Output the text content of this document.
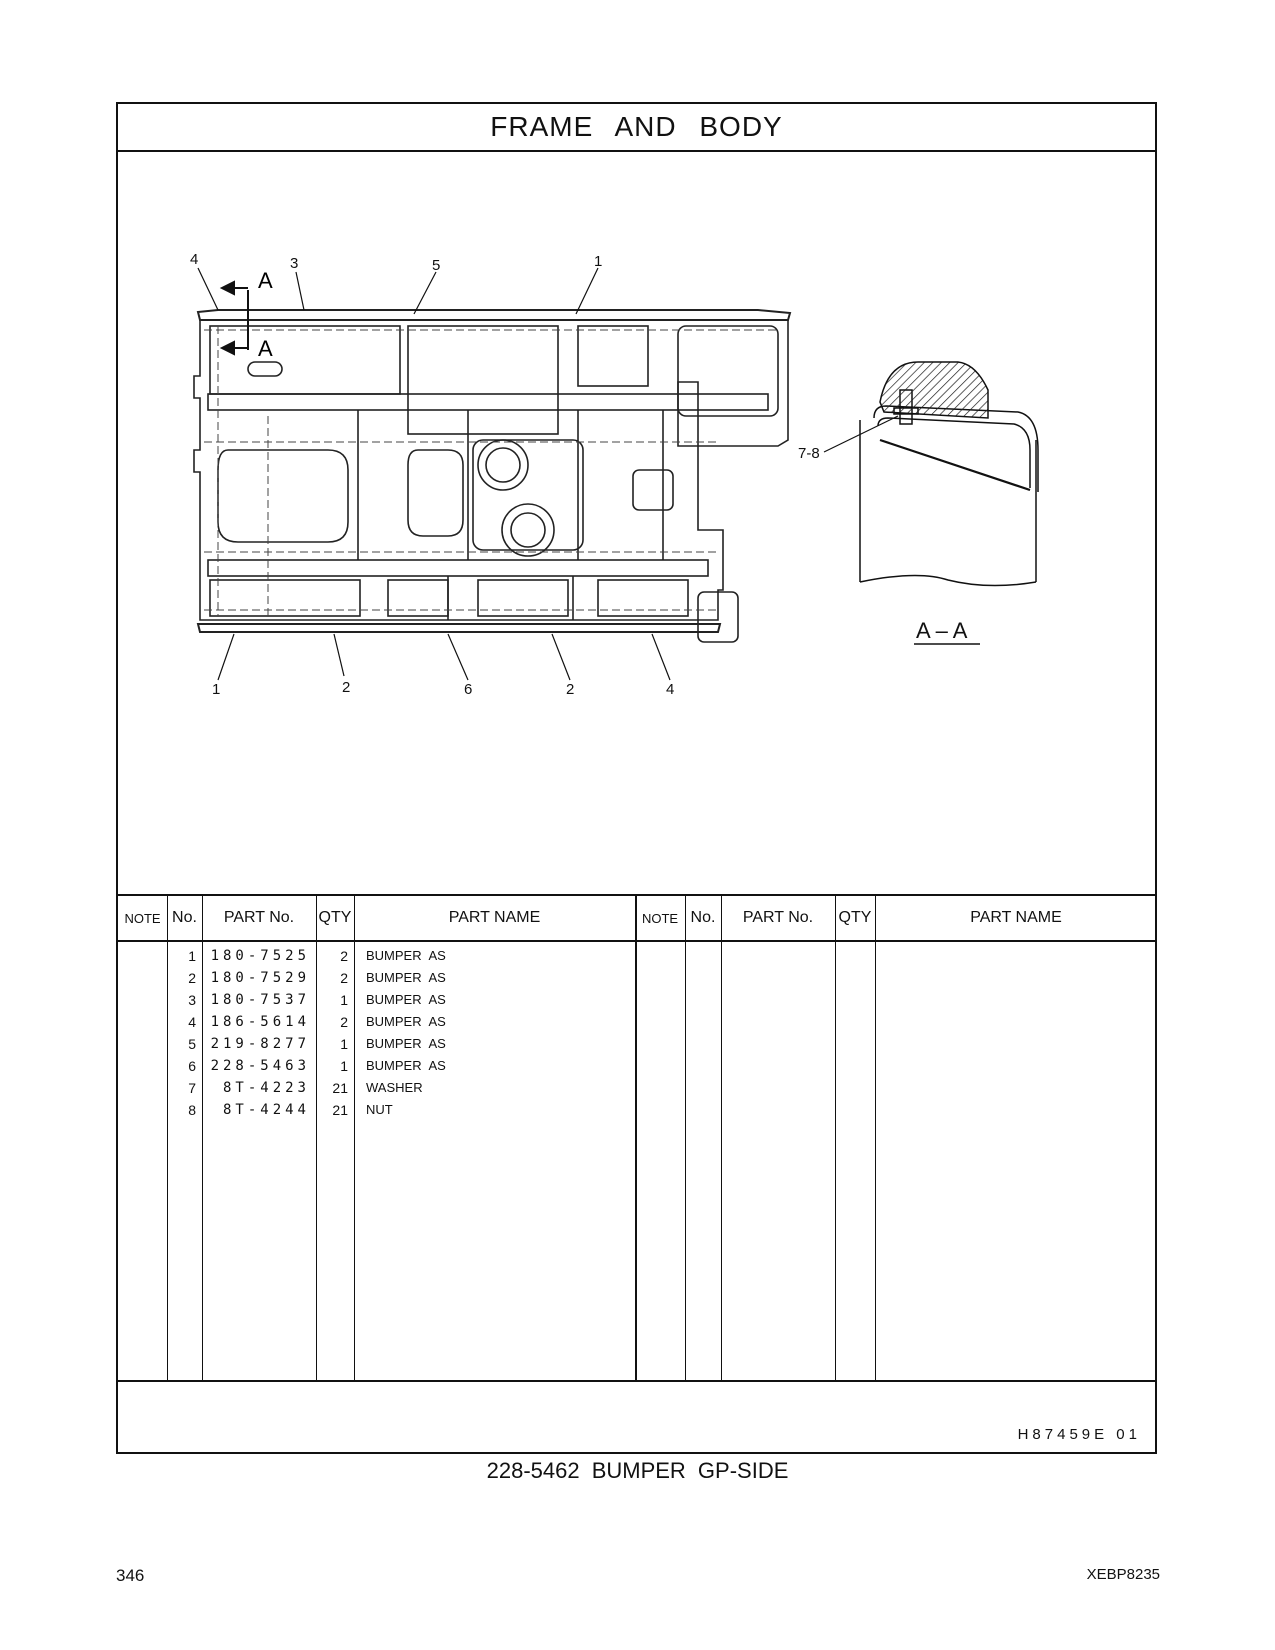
FRAME AND BODY
A
A
4	3	5	1
1	2	6	2	4
7-8
A – A
NOTE No.	PART No.	QTY	PART NAME	NOTE No.	PART No.	QTY	PART NAME
1	180-7525	2 BUMPER AS
2	180-7529	2 BUMPER AS
3	180-7537	1 BUMPER AS
4	186-5614	2 BUMPER AS
5	219-8277	1 BUMPER AS
6	228-5463	1 BUMPER AS
7	8T-4223	21 WASHER
8	8T-4244	21 NUT
H87459E 01
228-5462 BUMPER GP-SIDE
346	XEBP8235
